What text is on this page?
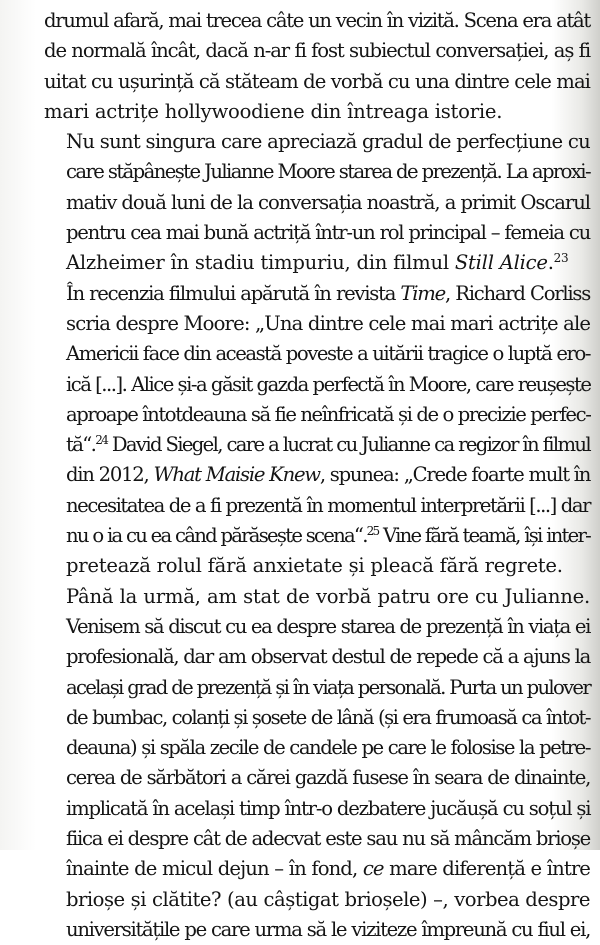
drumul afară, mai trecea câte un vecin în vizită. Scena era atât
de normală încât, dacă n-ar fi fost subiectul conversației, aș fi
uitat cu ușurință că stăteam de vorbă cu una dintre cele mai
mari actrițe hollywoodiene din întreaga istorie.
Nu sunt singura care apreciază gradul de perfecțiune cu
care stăpânește Julianne Moore starea de prezență. La aproxi-
mativ două luni de la conversația noastră, a primit Oscarul
pentru cea mai bună actriță într-un rol principal – femeia cu
Alzheimer în stadiu timpuriu, din filmul Still Alice.$^{23}$
În recenzia filmului apărută în revista Time, Richard Corliss
scria despre Moore: „Una dintre cele mai mari actrițe ale
Americii face din această poveste a uitării tragice o luptă ero-
ică [...]. Alice și-a găsit gazda perfectă în Moore, care reușește
aproape întotdeauna să fie neînfricată și de o precizie perfec-
tă“.$^{24}$ David Siegel, care a lucrat cu Julianne ca regizor în filmul
din 2012, What Maisie Knew, spunea: „Crede foarte mult în
necesitatea de a fi prezentă în momentul interpretării [...] dar
nu o ia cu ea când părăsește scena“.$^{25}$ Vine fără teamă, își inter-
pretează rolul fără anxietate și pleacă fără regrete.
Până la urmă, am stat de vorbă patru ore cu Julianne.
Venisem să discut cu ea despre starea de prezență în viața ei
profesională, dar am observat destul de repede că a ajuns la
același grad de prezență și în viața personală. Purta un pulover
de bumbac, colanți și șosete de lână (și era frumoasă ca întot-
deauna) și spăla zecile de candele pe care le folosise la petre-
cerea de sărbători a cărei gazdă fusese în seara de dinainte,
implicată în același timp într-o dezbatere jucăușă cu soțul și
fiica ei despre cât de adecvat este sau nu să mâncăm brioșe
înainte de micul dejun – în fond, ce mare diferență e între
brioșe și clătite? (au câștigat brioșele) –, vorbea despre
universitățile pe care urma să le viziteze împreună cu fiul ei,
